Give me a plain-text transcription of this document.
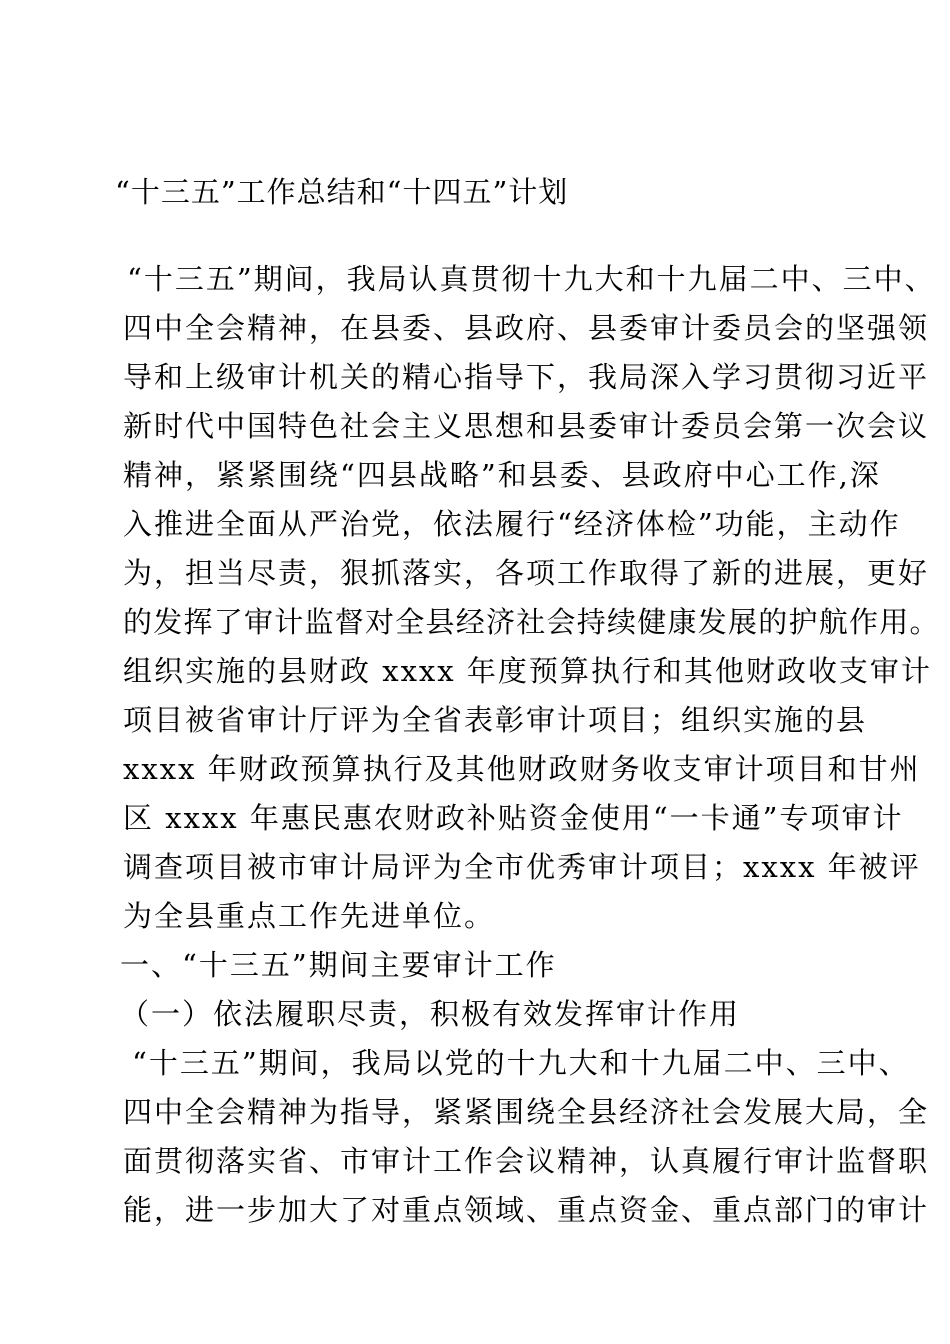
“十三五”工作总结和“十四五”计划
“十三五”期间，我局认真贯彻十九大和十九届二中、三中、
四中全会精神，在县委、县政府、县委审计委员会的坚强领
导和上级审计机关的精心指导下，我局深入学习贯彻习近平
新时代中国特色社会主义思想和县委审计委员会第一次会议
精神，紧紧围绕“四县战略”和县委、县政府中心工作,深
入推进全面从严治党，依法履行“经济体检”功能，主动作
为，担当尽责，狠抓落实，各项工作取得了新的进展，更好
的发挥了审计监督对全县经济社会持续健康发展的护航作用。
组织实施的县财政 xxxx 年度预算执行和其他财政收支审计
项目被省审计厅评为全省表彰审计项目；组织实施的县
xxxx 年财政预算执行及其他财政财务收支审计项目和甘州
区 xxxx 年惠民惠农财政补贴资金使用“一卡通”专项审计
调查项目被市审计局评为全市优秀审计项目；xxxx 年被评
为全县重点工作先进单位。
一、“十三五”期间主要审计工作
（一）依法履职尽责，积极有效发挥审计作用
“十三五”期间，我局以党的十九大和十九届二中、三中、
四中全会精神为指导，紧紧围绕全县经济社会发展大局，全
面贯彻落实省、市审计工作会议精神，认真履行审计监督职
能，进一步加大了对重点领域、重点资金、重点部门的审计
